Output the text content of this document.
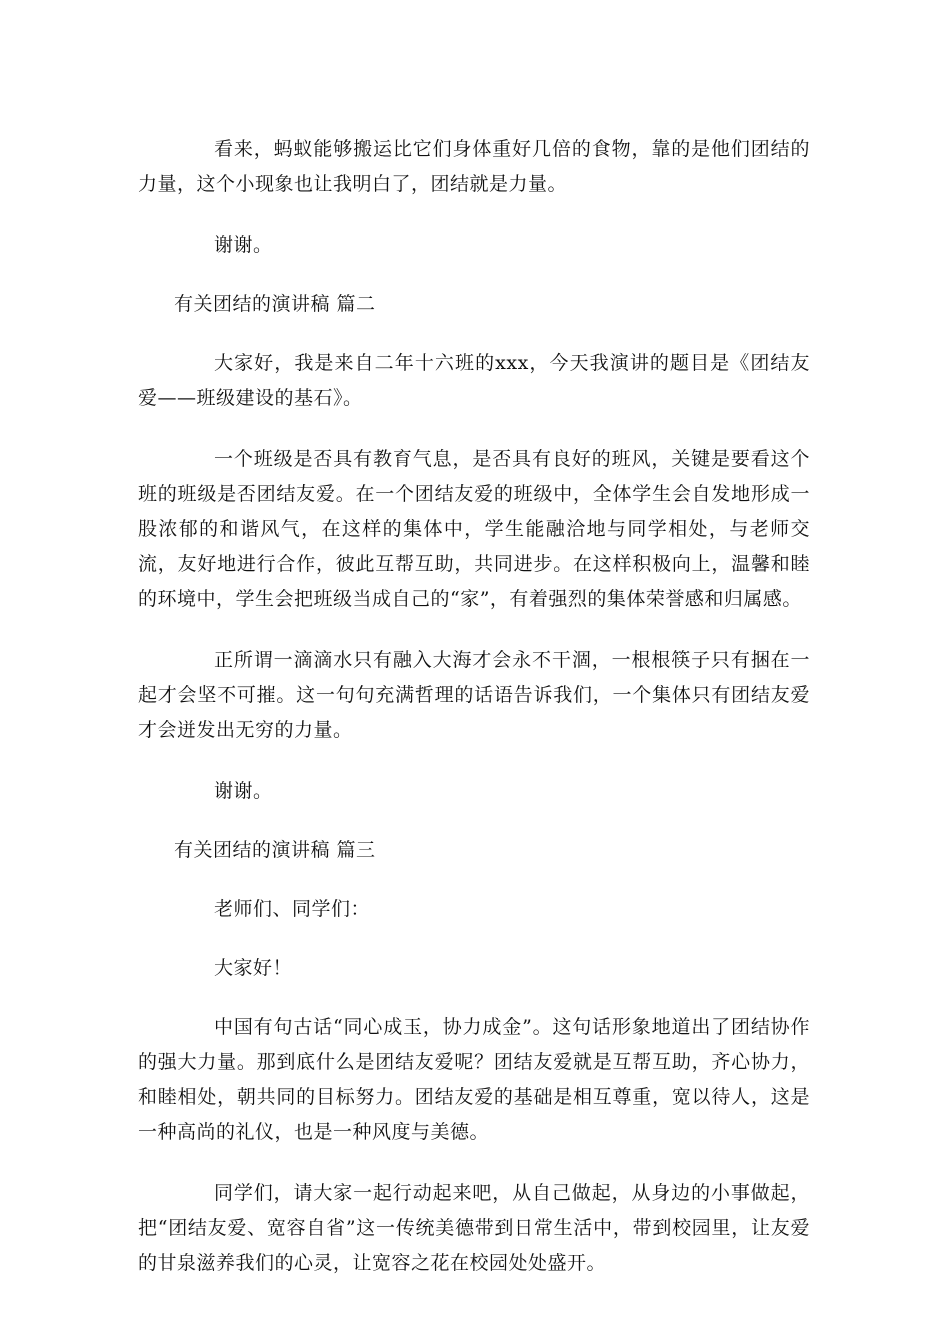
看来，蚂蚁能够搬运比它们身体重好几倍的食物，靠的是他们团结的力量，这个小现象也让我明白了，团结就是力量。

谢谢。

有关团结的演讲稿 篇二

大家好，我是来自二年十六班的xxx，今天我演讲的题目是《团结友爱——班级建设的基石》。

一个班级是否具有教育气息，是否具有良好的班风，关键是要看这个班的班级是否团结友爱。在一个团结友爱的班级中，全体学生会自发地形成一股浓郁的和谐风气，在这样的集体中，学生能融洽地与同学相处，与老师交流，友好地进行合作，彼此互帮互助，共同进步。在这样积极向上，温馨和睦的环境中，学生会把班级当成自己的“家”，有着强烈的集体荣誉感和归属感。

正所谓一滴滴水只有融入大海才会永不干涸，一根根筷子只有捆在一起才会坚不可摧。这一句句充满哲理的话语告诉我们，一个集体只有团结友爱才会迸发出无穷的力量。

谢谢。

有关团结的演讲稿 篇三

老师们、同学们：

大家好！

中国有句古话“同心成玉，协力成金”。这句话形象地道出了团结协作的强大力量。那到底什么是团结友爱呢？团结友爱就是互帮互助，齐心协力，和睦相处，朝共同的目标努力。团结友爱的基础是相互尊重，宽以待人，这是一种高尚的礼仪，也是一种风度与美德。

同学们，请大家一起行动起来吧，从自己做起，从身边的小事做起，把“团结友爱、宽容自省”这一传统美德带到日常生活中，带到校园里，让友爱的甘泉滋养我们的心灵，让宽容之花在校园处处盛开。
